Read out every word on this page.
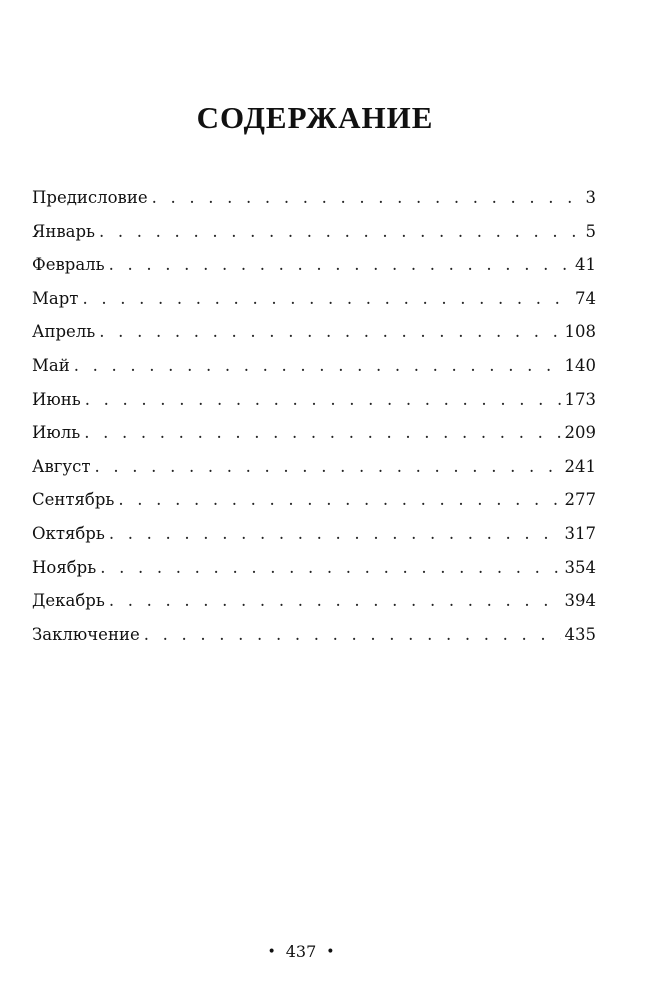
СОДЕРЖАНИЕ
Предисловие . . .	3
Январь . . .	5
Февраль . . .	41
Март . . .	74
Апрель . . .	108
Май . . .	140
Июнь . . .	173
Июль . . .	209
Август . . .	241
Сентябрь . . .	277
Октябрь . . .	317
Ноябрь . . .	354
Декабрь . . .	394
Заключение . . .	435
• 437 •
